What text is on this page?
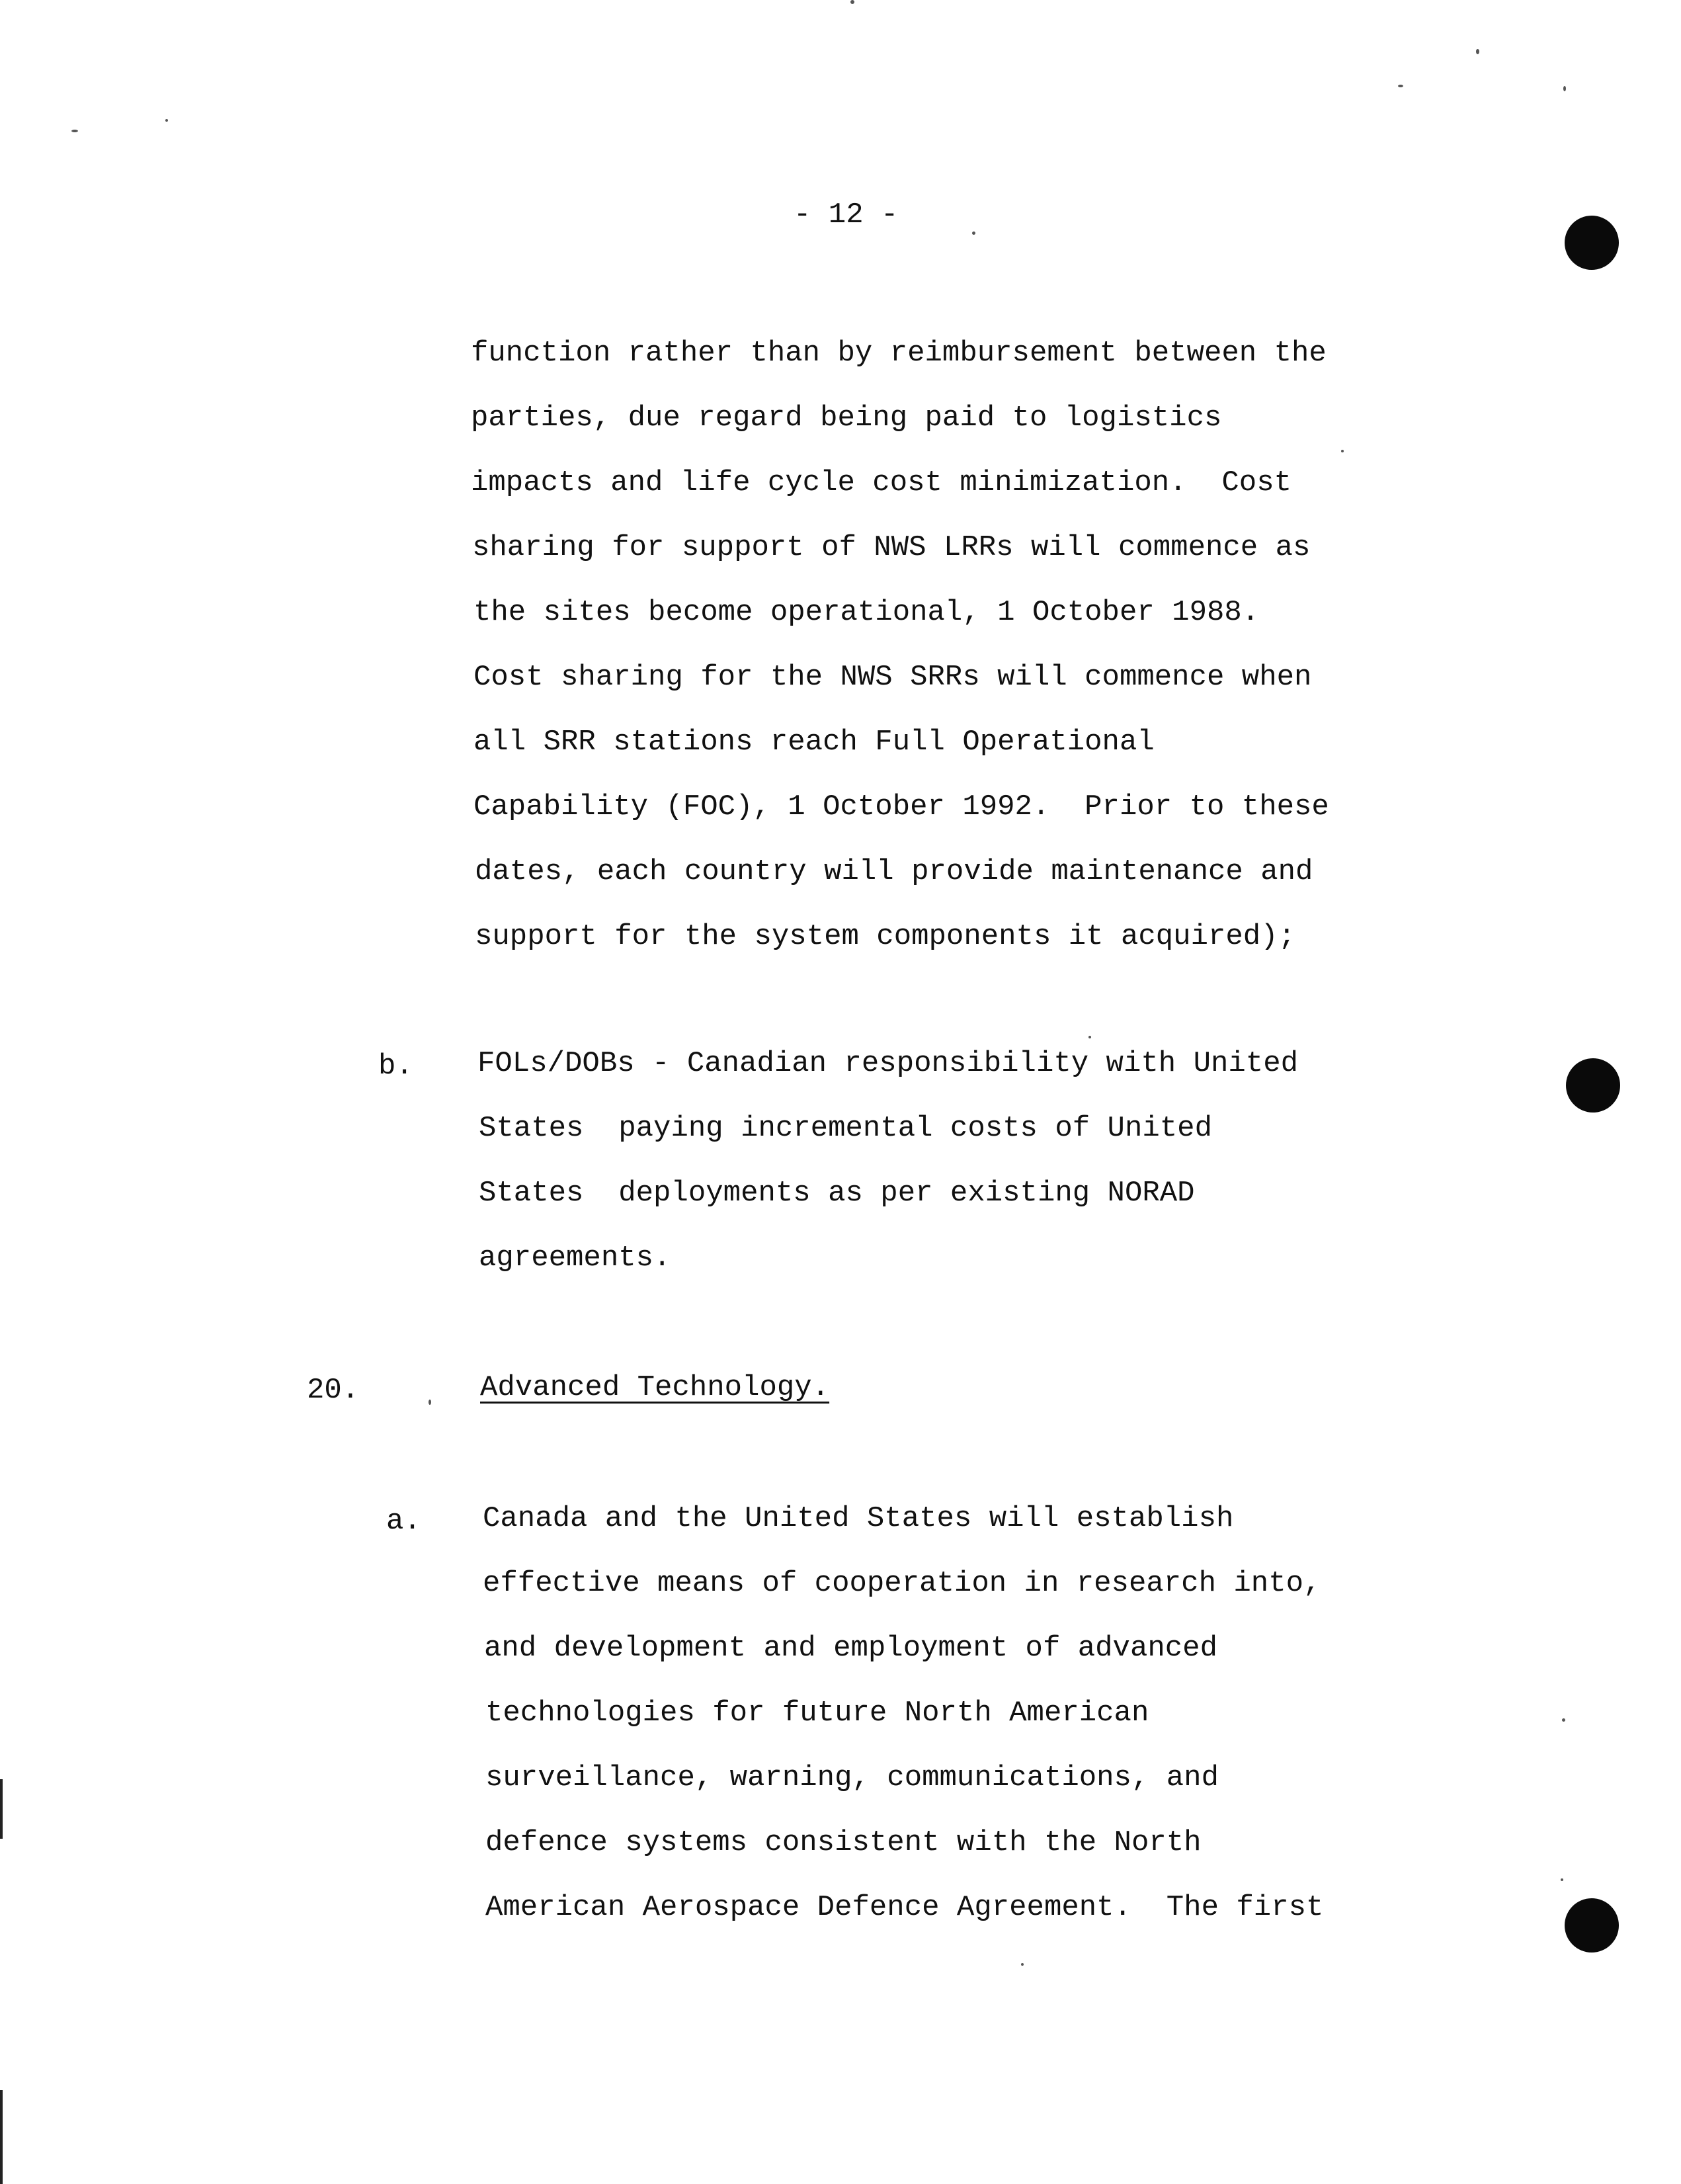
- 12 -
function rather than by reimbursement between the
parties, due regard being paid to logistics
impacts and life cycle cost minimization.  Cost
sharing for support of NWS LRRs will commence as
the sites become operational, 1 October 1988.
Cost sharing for the NWS SRRs will commence when
all SRR stations reach Full Operational
Capability (FOC), 1 October 1992.  Prior to these
dates, each country will provide maintenance and
support for the system components it acquired);
b. FOLs/DOBs - Canadian responsibility with United
States  paying incremental costs of United
States  deployments as per existing NORAD
agreements.
20.	Advanced Technology.
a. Canada and the United States will establish
effective means of cooperation in research into,
and development and employment of advanced
technologies for future North American
surveillance, warning, communications, and
defence systems consistent with the North
American Aerospace Defence Agreement.  The first
